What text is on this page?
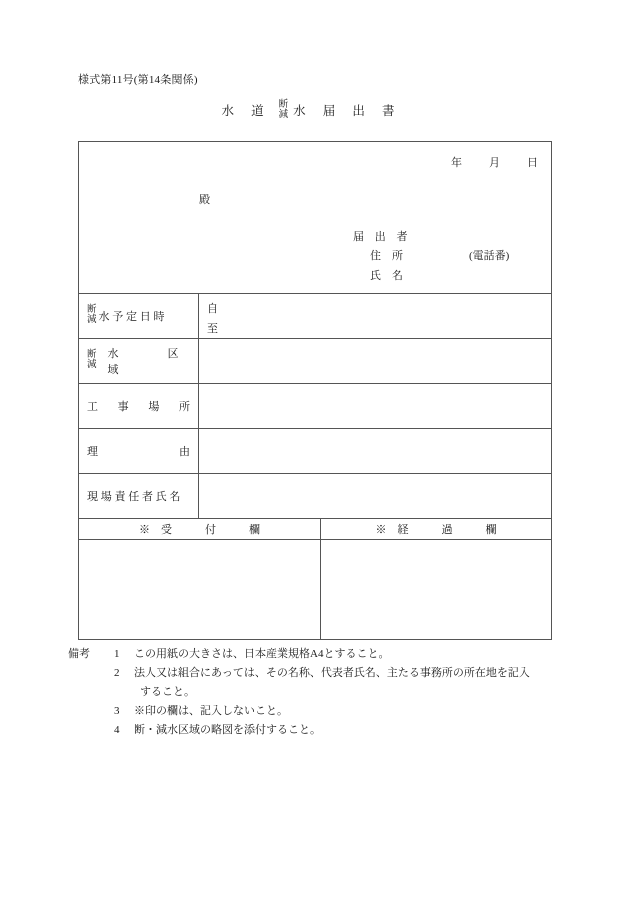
様式第11号(第14条関係)
水 道 断
減 水 届 出 書
年 月 日
殿
届 出 者
住　所	(電話番)
氏　名
断
減 水 予 定 日 時
自
至
断
減
水　　区　　域
工 事 場 所
理	由
現 場 責 任 者 氏 名
※　受　　　付　　　欄	※　経　　　過　　　欄
備考	1	この用紙の大きさは、日本産業規格A4とすること。
2	法人又は組合にあっては、その名称、代表者氏名、主たる事務所の所在地を記入
すること。
3	※印の欄は、記入しないこと。
4	断・減水区域の略図を添付すること。
